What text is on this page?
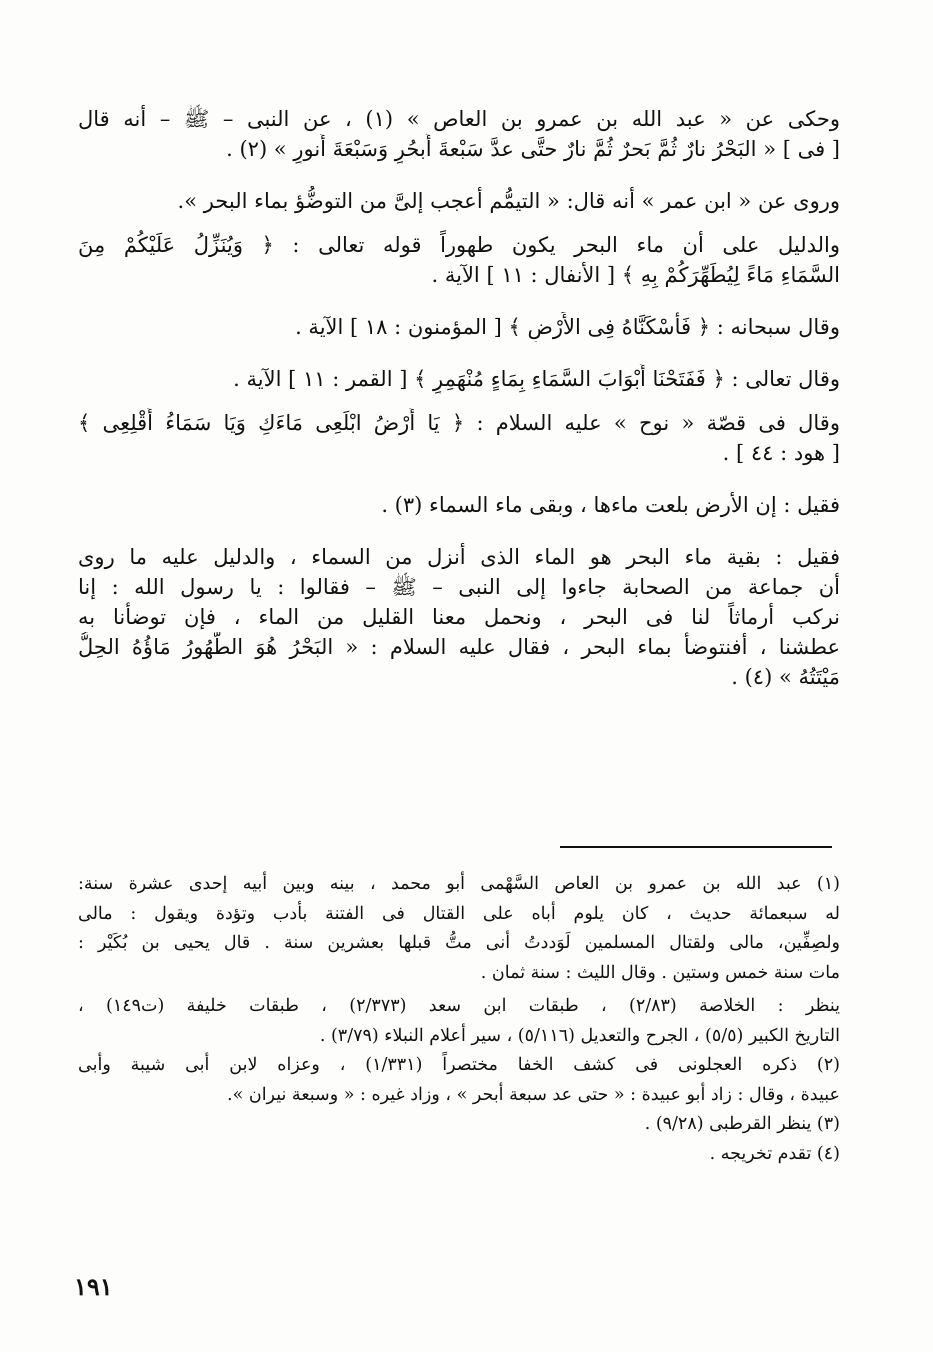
وحكى عن « عبد الله بن عمرو بن العاص » (١) ، عن النبى – ﷺ – أنه قال
[ فى ] « البَحْرُ نارٌ ثُمَّ بَحرٌ ثُمَّ نارٌ حتَّى عدَّ سَبْعةَ أَبحُرٍ وَسَبْعَةَ أَنورٍ » (٢) .
وروى عن « ابن عمر » أنه قال: « التيمُّم أعجب إلىَّ من التوضُّؤ بماء البحر ».
والدليل على أن ماء البحر يكون طهوراً قوله تعالى : ﴿ وَيُنَزِّلُ عَلَيْكُمْ مِنَ
السَّمَاءِ مَاءً لِيُطَهِّرَكُمْ بِهِ ﴾ [ الأنفال : ١١ ] الآية .
وقال سبحانه : ﴿ فَأَسْكَنَّاهُ فِى الأَرْضِ ﴾ [ المؤمنون : ١٨ ] الآية .
وقال تعالى : ﴿ فَفَتَحْنَا أَبْوَابَ السَّمَاءِ بِمَاءٍ مُنْهَمِرٍ ﴾ [ القمر : ١١ ] الآية .
وقال فى قصّة « نوح » عليه السلام : ﴿ يَا أَرْضُ ابْلَعِى مَاءَكِ وَيَا سَمَاءُ أَقْلِعِى ﴾
[ هود : ٤٤ ] .
فقيل : إن الأرض بلعت ماءها ، وبقى ماء السماء (٣) .
فقيل : بقية ماء البحر هو الماء الذى أنزل من السماء ، والدليل عليه ما روى
أن جماعة من الصحابة جاءوا إلى النبى – ﷺ – فقالوا : يا رسول الله : إنا
نركب أرماثاً لنا فى البحر ، ونحمل معنا القليل من الماء ، فإن توضأنا به
عطشنا ، أفنتوضأ بماء البحر ، فقال عليه السلام : « البَحْرُ هُوَ الطَّهُورُ مَاؤُهُ الحِلُّ
مَيْتَتُهُ » (٤) .
(١) عبد الله بن عمرو بن العاص السَّهْمى أبو محمد ، بينه وبين أبيه إحدى عشرة سنة:
له سبعمائة حديث ، كان يلوم أباه على القتال فى الفتنة بأدب وتؤدة ويقول : مالى
ولصِفِّين، مالى ولقتال المسلمين لَوَددتُ أنى متُّ قبلها بعشرين سنة . قال يحيى بن بُكَيْر :
مات سنة خمس وستين . وقال الليث : سنة ثمان .
ينظر : الخلاصة (٢/٨٣) ، طبقات ابن سعد (٢/٣٧٣) ، طبقات خليفة (ت١٤٩) ،
التاريخ الكبير (٥/٥) ، الجرح والتعديل (٥/١١٦) ، سير أعلام النبلاء (٣/٧٩) .
(٢) ذكره العجلونى فى كشف الخفا مختصراً (١/٣٣١) ، وعزاه لابن أبى شيبة وأبى
عبيدة ، وقال : زاد أبو عبيدة : « حتى عد سبعة أبحر » ، وزاد غيره : « وسبعة نيران ».
(٣) ينظر القرطبى (٩/٢٨) .
(٤) تقدم تخريجه .
١٩١
